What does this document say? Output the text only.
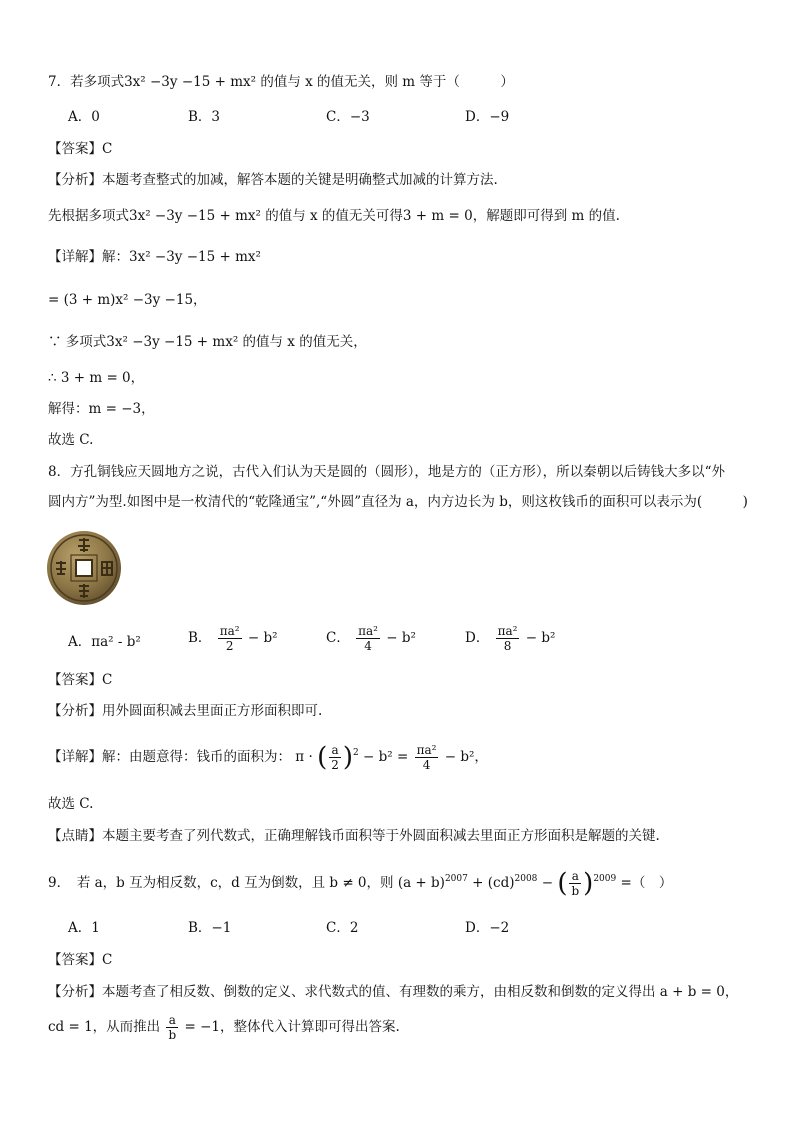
7．若多项式3x² −3y −15 + mx² 的值与 x 的值无关，则 m 等于（　　　）
A．0	B．3	C．−3	D．−9
【答案】C
【分析】本题考查整式的加减，解答本题的关键是明确整式加减的计算方法.
先根据多项式3x² −3y −15 + mx² 的值与 x 的值无关可得3 + m = 0，解题即可得到 m 的值.
【详解】解：3x² −3y −15 + mx²
= (3 + m)x² −3y −15，
∵ 多项式3x² −3y −15 + mx² 的值与 x 的值无关，
∴ 3 + m = 0，
解得：m = −3，
故选 C.
8．方孔铜钱应天圆地方之说，古代入们认为天是圆的（圆形），地是方的（正方形），所以秦朝以后铸钱大多以“外
圆内方”为型.如图中是一枚清代的“乾隆通宝”,“外圆”直径为 a，内方边长为 b，则这枚钱币的面积可以表示为(　　　)
A．πa² - b²	B． $\frac{\text{πa²}}{2} - b^2$	C． $\frac{\text{πa²}}{4} - b^2$	D． $\frac{\text{πa²}}{8} - b^2$
【答案】C
【分析】用外圆面积减去里面正方形面积即可.
【详解】解：由题意得：钱币的面积为： π · ( $\frac{a}{2} )^2 - b^2 = \frac{\text{πa²}}{4} - b^2$，
故选 C.
【点睛】本题主要考查了列代数式，正确理解钱币面积等于外圆面积减去里面正方形面积是解题的关键.
9．　若 a，b 互为相反数，c，d 互为倒数，且 b ≠ 0，则 $(a + b)^{2007} + (cd)^{2008}$ − ( $\frac{a}{b} )^{2009}$ =（　）
A．1	B．−1	C．2	D．−2
【答案】C
【分析】本题考查了相反数、倒数的定义、求代数式的值、有理数的乘方，由相反数和倒数的定义得出 a + b = 0，
cd = 1，从而推出 $\frac{a}{b} = -1$，整体代入计算即可得出答案.
